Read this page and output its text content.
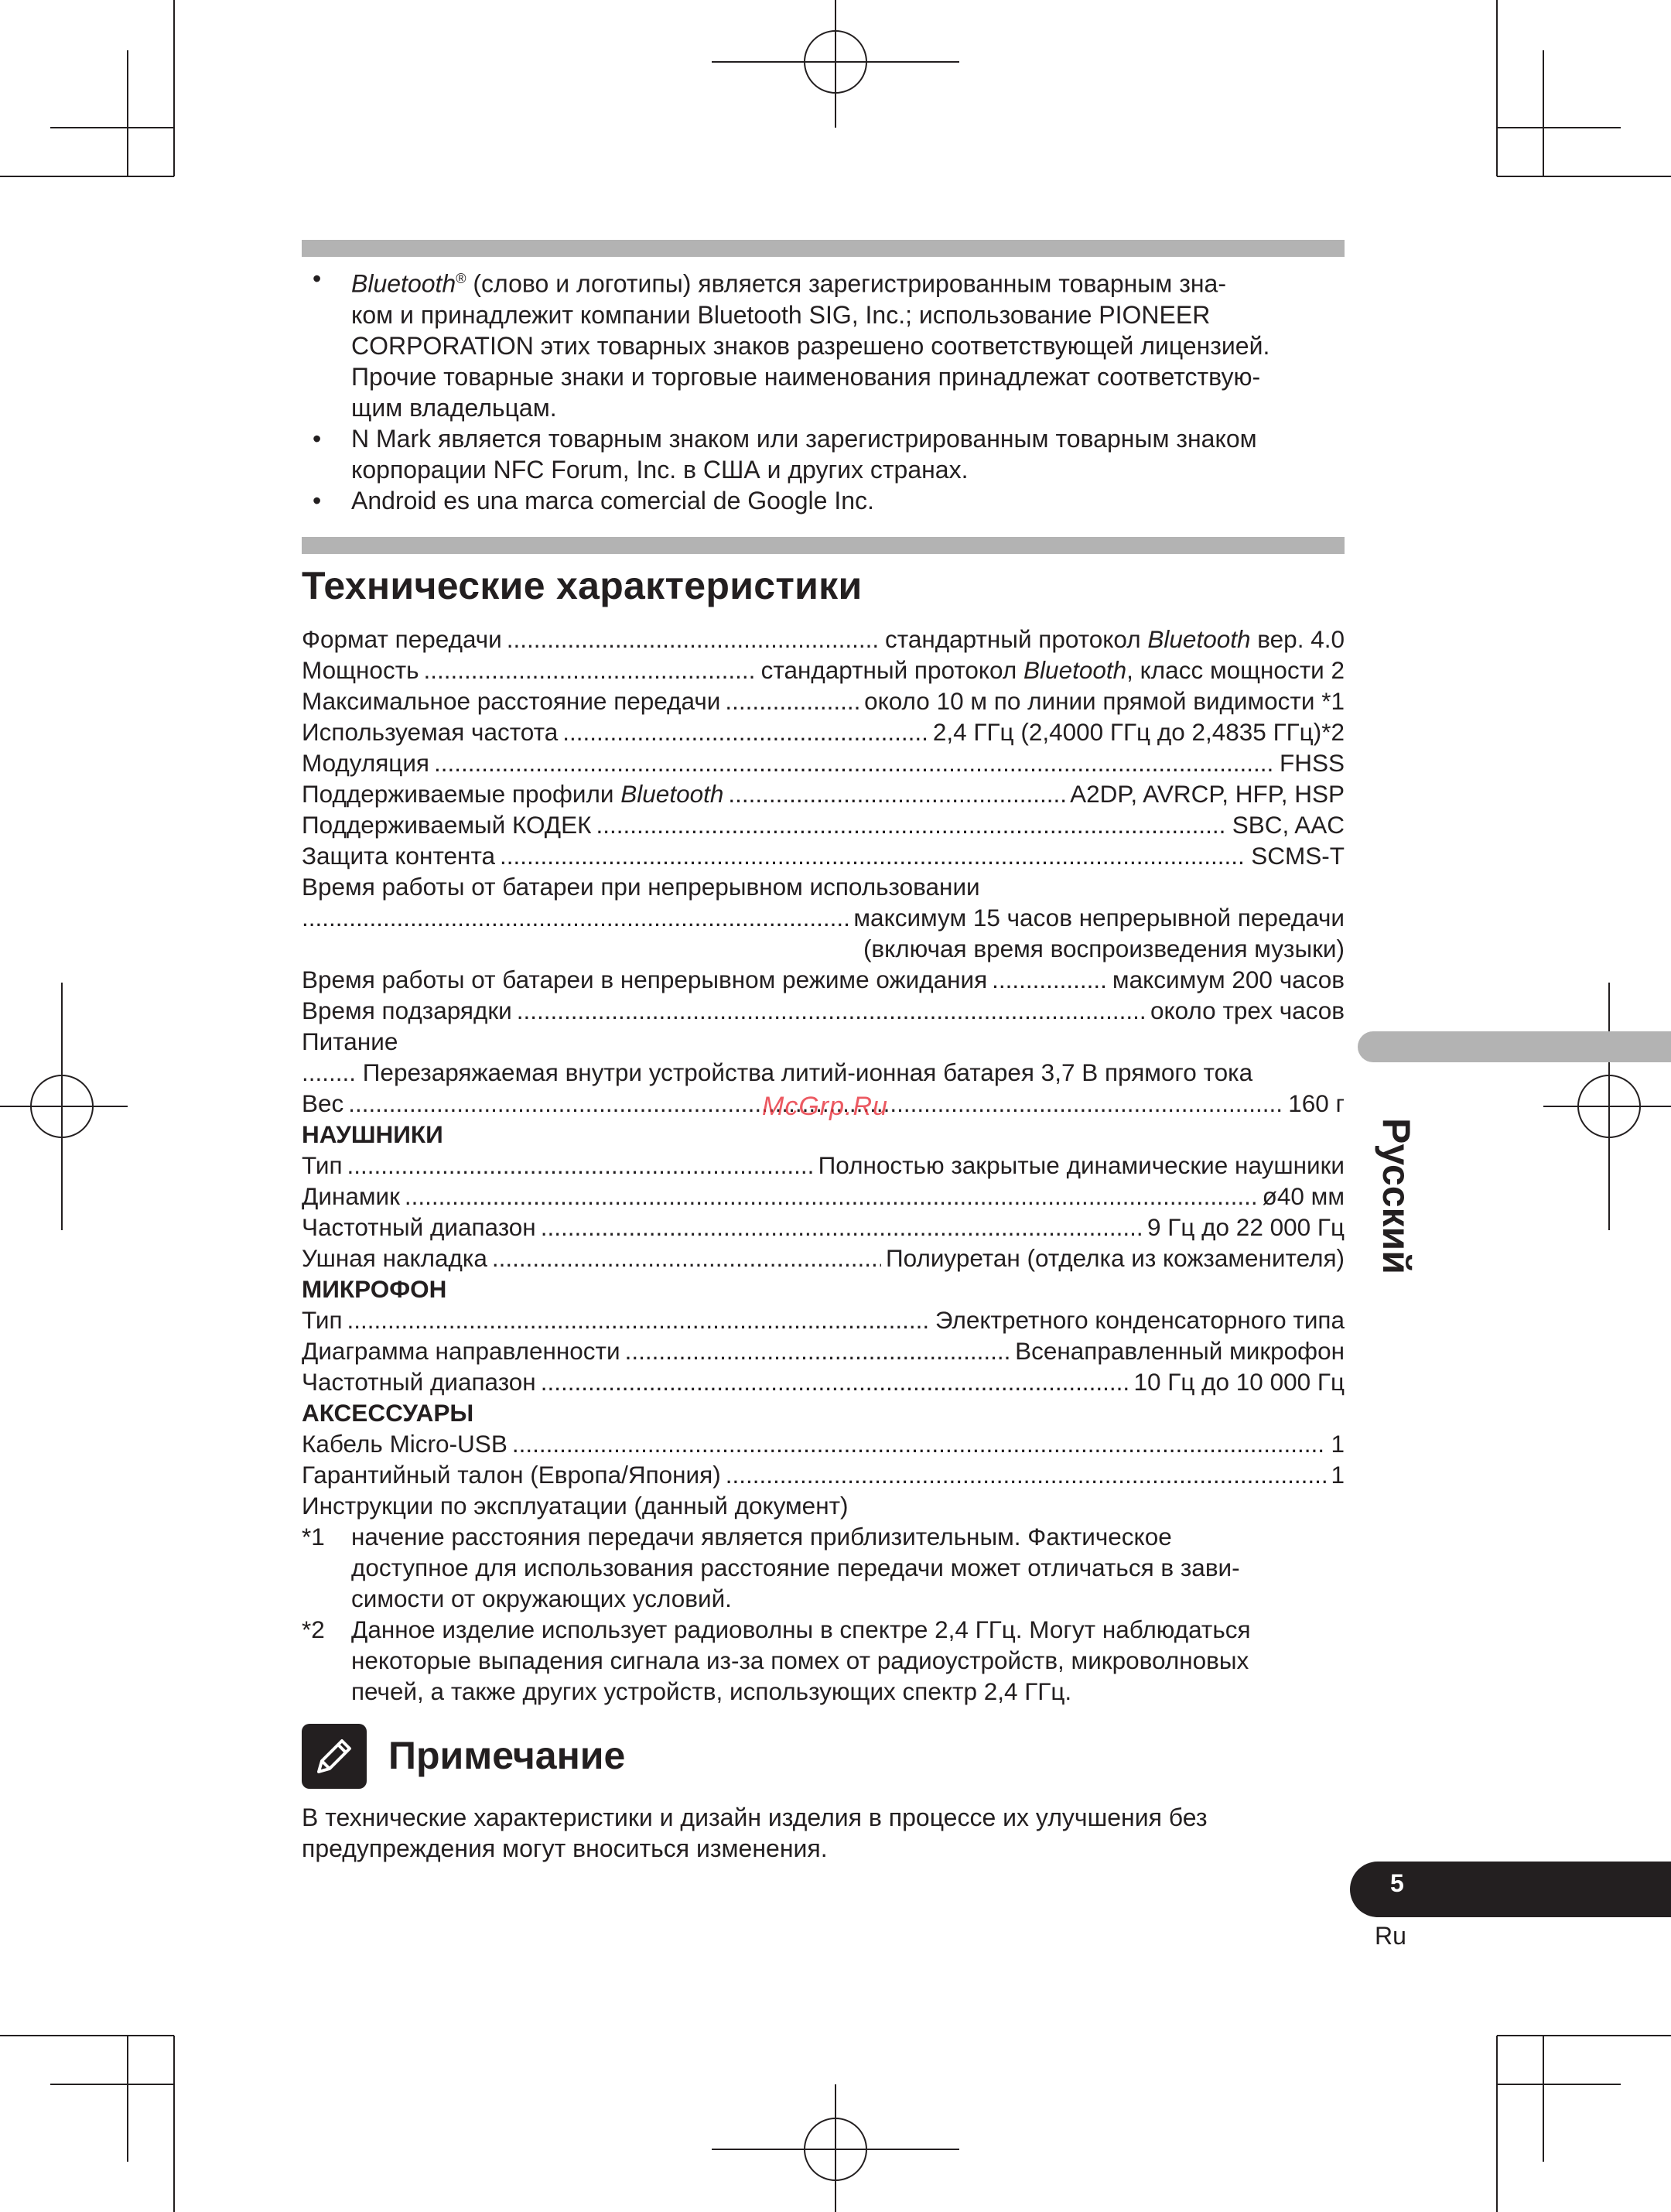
• Bluetooth® (слово и логотипы) является зарегистрированным товарным зна-
ком и принадлежит компании Bluetooth SIG, Inc.; использование PIONEER
CORPORATION этих товарных знаков разрешено соответствующей лицензией.
Прочие товарные знаки и торговые наименования принадлежат соответствую-
щим владельцам.
• N Mark является товарным знаком или зарегистрированным товарным знаком
корпорации NFC Forum, Inc. в США и других странах.
• Android es una marca comercial de Google Inc.
Технические характеристики
Формат передачи .....	стандартный протокол Bluetooth вер. 4.0
Мощность .....	стандартный протокол Bluetooth, класс мощности 2
Максимальное расстояние передачи .....	около 10 м по линии прямой видимости *1
Используемая частота .....	2,4 ГГц (2,4000 ГГц до 2,4835 ГГц)*2
Модуляция .....	FHSS
Поддерживаемые профили Bluetooth .....	A2DP, AVRCP, HFP, HSP
Поддерживаемый КОДЕК .....	SBC, AAC
Защита контента .....	SCMS-T
Время работы от батареи при непрерывном использовании
.....
максимум 15 часов непрерывной передачи
(включая время воспроизведения музыки)
Время работы от батареи в непрерывном режиме ожидания .....	максимум 200 часов
Время подзарядки .....	около трех часов
Питание
........ Перезаряжаемая внутри устройства литий-ионная батарея 3,7 В прямого тока
Вес .....	160 г
НАУШНИКИ
Тип .....	Полностью закрытые динамические наушники
Динамик .....	ø40 мм
Частотный диапазон .....	9 Гц до 22 000 Гц
Ушная накладка .....	Полиуретан (отделка из кожзаменителя)
МИКРОФОН
Тип .....	Электретного конденсаторного типа
Диаграмма направленности .....	Всенаправленный микрофон
Частотный диапазон .....	10 Гц до 10 000 Гц
АКСЕССУАРЫ
Кабель Micro-USB .....	1
Гарантийный талон (Европа/Япония) .....	1
Инструкции по эксплуатации (данный документ)
*1 начение расстояния передачи является приблизительным. Фактическое
доступное для использования расстояние передачи может отличаться в зави-
симости от окружающих условий.
*2 Данное изделие использует радиоволны в спектре 2,4 ГГц. Могут наблюдаться
некоторые выпадения сигнала из-за помех от радиоустройств, микроволновых
печей, а также других устройств, использующих спектр 2,4 ГГц.
Примечание
В технические характеристики и дизайн изделия в процессе их улучшения без
предупреждения могут вноситься изменения.
Русский
5
Ru
McGrp.Ru
